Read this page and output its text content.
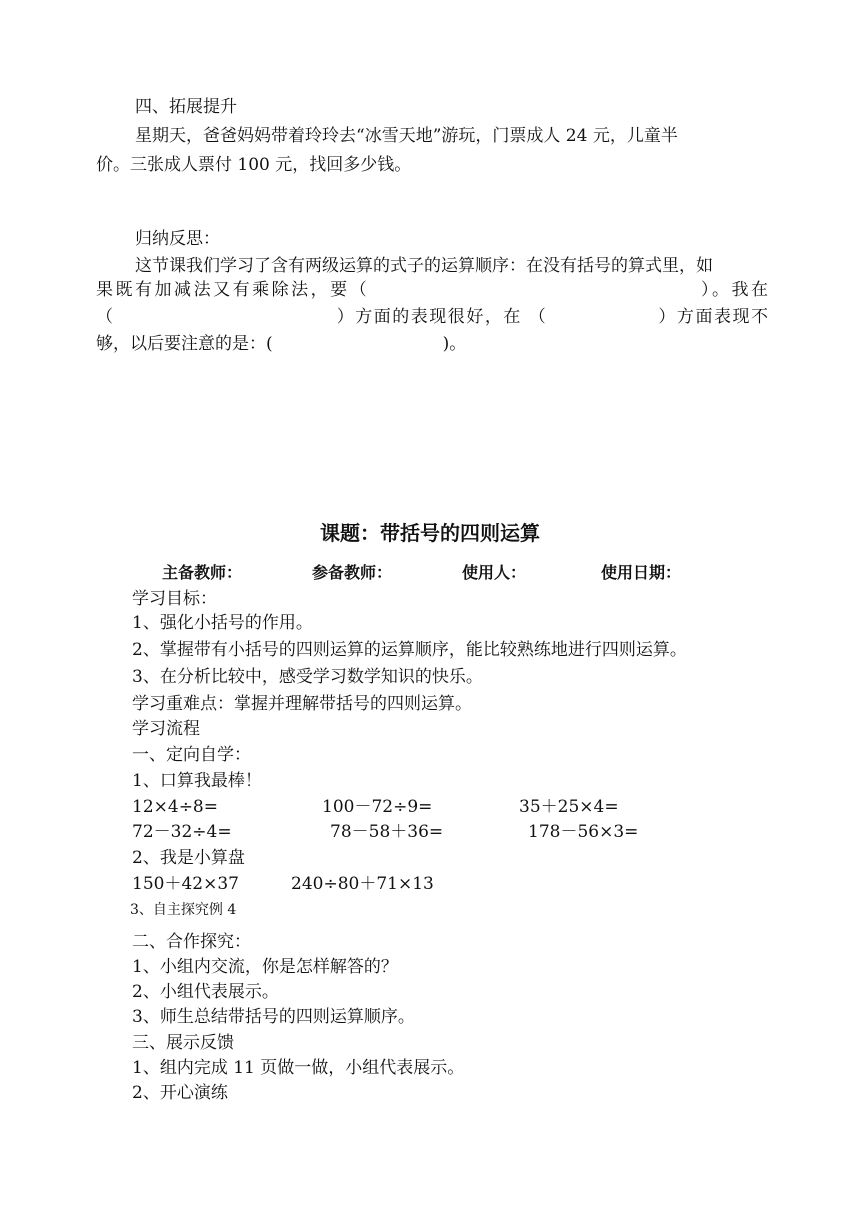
四、拓展提升
星期天，爸爸妈妈带着玲玲去“冰雪天地”游玩，门票成人 24 元，儿童半
价。三张成人票付 100 元，找回多少钱。
归纳反思：
这节课我们学习了含有两级运算的式子的运算顺序：在没有括号的算式里，如
果既有加减法又有乘除法，要（　　　　　　　　　　　　　　　　　）。我在
（　　　　　　　　　　　　）方面的表现很好，在 （　　　　　　）方面表现不
够，以后要注意的是：(　　　　　　　　　　)。
课题：带括号的四则运算
主备教师：	参备教师：	使用人：	使用日期：
学习目标：
1、强化小括号的作用。
2、掌握带有小括号的四则运算的运算顺序，能比较熟练地进行四则运算。
3、在分析比较中，感受学习数学知识的快乐。
学习重难点：掌握并理解带括号的四则运算。
学习流程
一、定向自学：
1、口算我最棒！
12×4÷8=	100－72÷9=	35＋25×4=
72－32÷4=	78－58＋36=	178－56×3=
2、我是小算盘
150＋42×37	240÷80＋71×13
3、自主探究例 4
二、合作探究：
1、小组内交流，你是怎样解答的？
2、小组代表展示。
3、师生总结带括号的四则运算顺序。
三、展示反馈
1、组内完成 11 页做一做，小组代表展示。
2、开心演练
